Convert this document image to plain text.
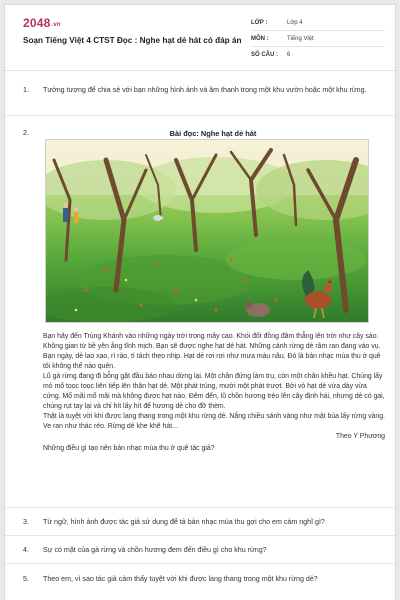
2048.vn
Soạn Tiếng Việt 4 CTST Đọc : Nghe hạt dẻ hát có đáp án
LỚP :	Lớp 4
MÔN :	Tiếng Việt
SỐ CÂU :	6
1. Tưởng tượng để chia sẻ với bạn những hình ảnh và âm thanh trong một khu vườn hoặc một khu rừng.
2.	Bài đọc: Nghe hạt dẻ hát

Bạn hãy đến Trùng Khánh vào những ngày trời trong mây cao. Khói đốt đồng đâm thẳng lên trời như cây sào. Không gian từ bề yên ắng tĩnh mịch. Bạn sẽ được nghe hạt dẻ hát. Những cánh rừng dẻ râm ran đang vào vụ. Bạn ngày, dẻ lao xao, rì rào, tí tách theo nhịp. Hạt dẻ rơi rơi như mưa màu nâu. Đó là bản nhạc mùa thu ở quê tôi không thể nào quên.

Lũ gà rừng đang đi bỗng gật đầu báo nhau dừng lại. Một chân đứng làm trụ, còn một chân khều hạt. Chúng lấy mỏ mổ toọc toọc liên tiếp lên thân hạt dẻ. Một phát trúng, mười một phát trượt. Bởi vỏ hạt dẻ vừa dày vừa cứng. Mổ mãi mổ mãi mà không được hạt nào. Đêm đến, lũ chồn hương trèo lên cây định hái, nhưng dẻ có gai, chúng rụt tay lại và chỉ hít lấy hít để hương dẻ cho đỡ thèm.

Thật là tuyệt vời khi được lang thang trong một khu rừng dẻ. Nắng chiều sánh vàng như mật bủa lấy rừng vàng. Ve ran như thác réo. Rừng dẻ khe khẽ hát...

Theo Y Phương

Những điều gì tạo nên bản nhạc mùa thu ở quê tác giả?

3. Từ ngữ, hình ảnh được tác giả sử dụng để tả bản nhạc mùa thu gợi cho em cảm nghĩ gì?
4. Sự có mặt của gà rừng và chồn hương đem đến điều gì cho khu rừng?
5. Theo em, vì sao tác giả cảm thấy tuyệt vời khi được lang thang trong một khu rừng dẻ?
